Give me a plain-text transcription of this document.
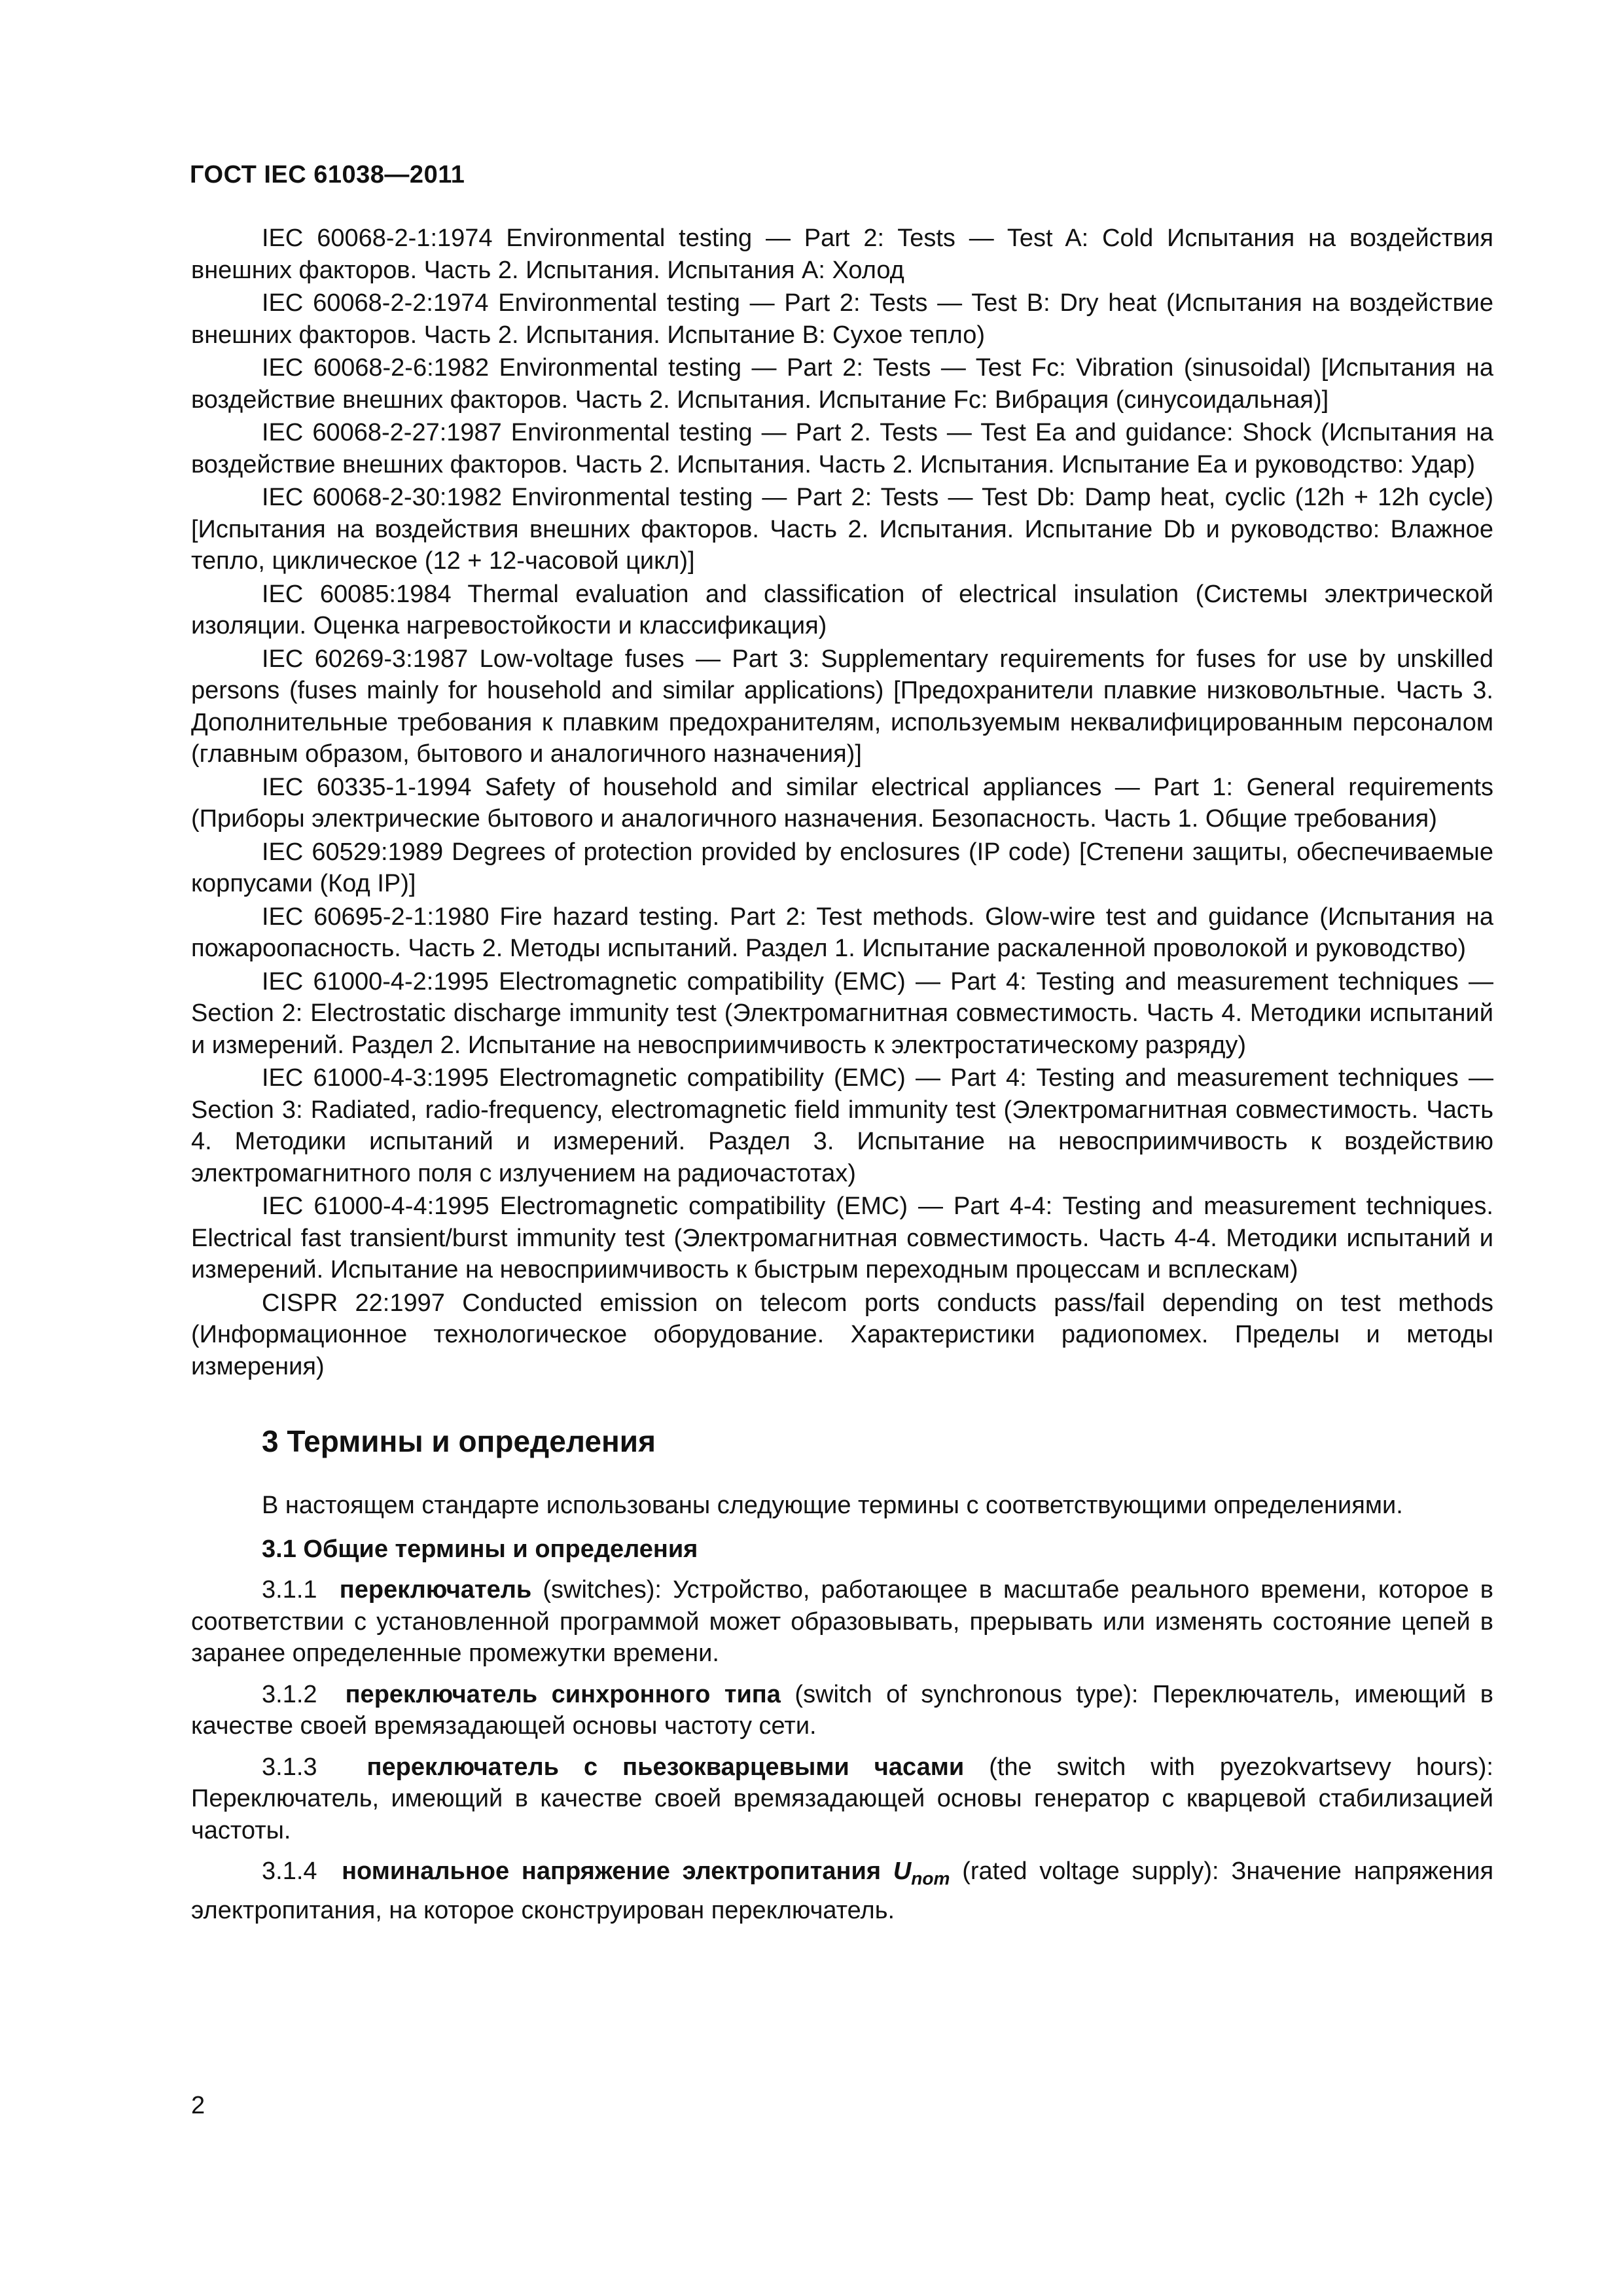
ГОСТ IEC 61038—2011

IEC 60068-2-1:1974 Environmental testing — Part 2: Tests — Test A: Cold Испытания на воздействия внешних факторов. Часть 2. Испытания. Испытания А: Холод

IEC 60068-2-2:1974 Environmental testing — Part 2: Tests — Test B: Dry heat (Испытания на воздействие внешних факторов. Часть 2. Испытания. Испытание В: Сухое тепло)

IEC 60068-2-6:1982 Environmental testing — Part 2: Tests — Test Fc: Vibration (sinusoidal) [Испытания на воздействие внешних факторов. Часть 2. Испытания. Испытание Fc: Вибрация (синусоидальная)]

IEC 60068-2-27:1987 Environmental testing — Part 2. Tests — Test Ea and guidance: Shock (Испытания на воздействие внешних факторов. Часть 2. Испытания. Часть 2. Испытания. Испытание Еа и руководство: Удар)

IEC 60068-2-30:1982 Environmental testing — Part 2: Tests — Test Db: Damp heat, cyclic (12h + 12h cycle) [Испытания на воздействия внешних факторов. Часть 2. Испытания. Испытание Db и руководство: Влажное тепло, циклическое (12 + 12-часовой цикл)]

IEC 60085:1984 Thermal evaluation and classification of electrical insulation (Системы электрической изоляции. Оценка нагревостойкости и классификация)

IEC 60269-3:1987 Low-voltage fuses — Part 3: Supplementary requirements for fuses for use by unskilled persons (fuses mainly for household and similar applications) [Предохранители плавкие низковольтные. Часть 3. Дополнительные требования к плавким предохранителям, используемым неквалифицированным персоналом (главным образом, бытового и аналогичного назначения)]

IEC 60335-1-1994 Safety of household and similar electrical appliances — Part 1: General requirements (Приборы электрические бытового и аналогичного назначения. Безопасность. Часть 1. Общие требования)

IEC 60529:1989 Degrees of protection provided by enclosures (IP code) [Степени защиты, обеспечиваемые корпусами (Код IP)]

IEC 60695-2-1:1980 Fire hazard testing. Part 2: Test methods. Glow-wire test and guidance (Испытания на пожароопасность. Часть 2. Методы испытаний. Раздел 1. Испытание раскаленной проволокой и руководство)

IEC 61000-4-2:1995 Electromagnetic compatibility (EMC) — Part 4: Testing and measurement techniques — Section 2: Electrostatic discharge immunity test (Электромагнитная совместимость. Часть 4. Методики испытаний и измерений. Раздел 2. Испытание на невосприимчивость к электростатическому разряду)

IEC 61000-4-3:1995 Electromagnetic compatibility (EMC) — Part 4: Testing and measurement techniques — Section 3: Radiated, radio-frequency, electromagnetic field immunity test (Электромагнитная совместимость. Часть 4. Методики испытаний и измерений. Раздел 3. Испытание на невосприимчивость к воздействию электромагнитного поля с излучением на радиочастотах)

IEC 61000-4-4:1995 Electromagnetic compatibility (EMC) — Part 4-4: Testing and measurement techniques. Electrical fast transient/burst immunity test (Электромагнитная совместимость. Часть 4-4. Методики испытаний и измерений. Испытание на невосприимчивость к быстрым переходным процессам и всплескам)

CISPR 22:1997 Conducted emission on telecom ports conducts pass/fail depending on test methods (Информационное технологическое оборудование. Характеристики радиопомех. Пределы и методы измерения)

3 Термины и определения

В настоящем стандарте использованы следующие термины с соответствующими определениями.

3.1 Общие термины и определения

3.1.1 переключатель (switches): Устройство, работающее в масштабе реального времени, которое в соответствии с установленной программой может образовывать, прерывать или изменять состояние цепей в заранее определенные промежутки времени.

3.1.2 переключатель синхронного типа (switch of synchronous type): Переключатель, имеющий в качестве своей времязадающей основы частоту сети.

3.1.3 переключатель с пьезокварцевыми часами (the switch with pyezokvartsevy hours): Переключатель, имеющий в качестве своей времязадающей основы генератор с кварцевой стабилизацией частоты.

3.1.4 номинальное напряжение электропитания $U_{nom}$ (rated voltage supply): Значение напряжения электропитания, на которое сконструирован переключатель.

2
